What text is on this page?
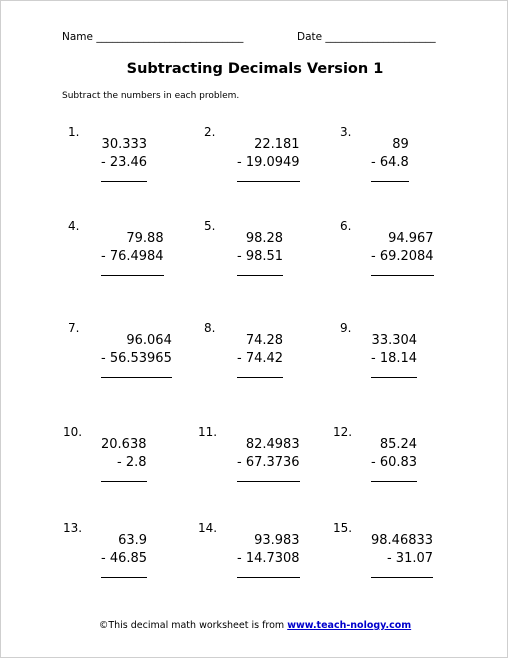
Name ____________________________	Date _____________________
Subtracting Decimals Version 1
Subtract the numbers in each problem.
1.
30.333
- 23.46
2.
22.181
- 19.0949
3.
89
- 64.8
4.
79.88
- 76.4984
5.
98.28
- 98.51
6.
94.967
- 69.2084
7.
96.064
- 56.53965
8.
74.28
- 74.42
9.
33.304
- 18.14
10.
20.638
- 2.8
11.
82.4983
- 67.3736
12.
85.24
- 60.83
13.
63.9
- 46.85
14.
93.983
- 14.7308
15.
98.46833
- 31.07
©This decimal math worksheet is from www.teach-nology.com
